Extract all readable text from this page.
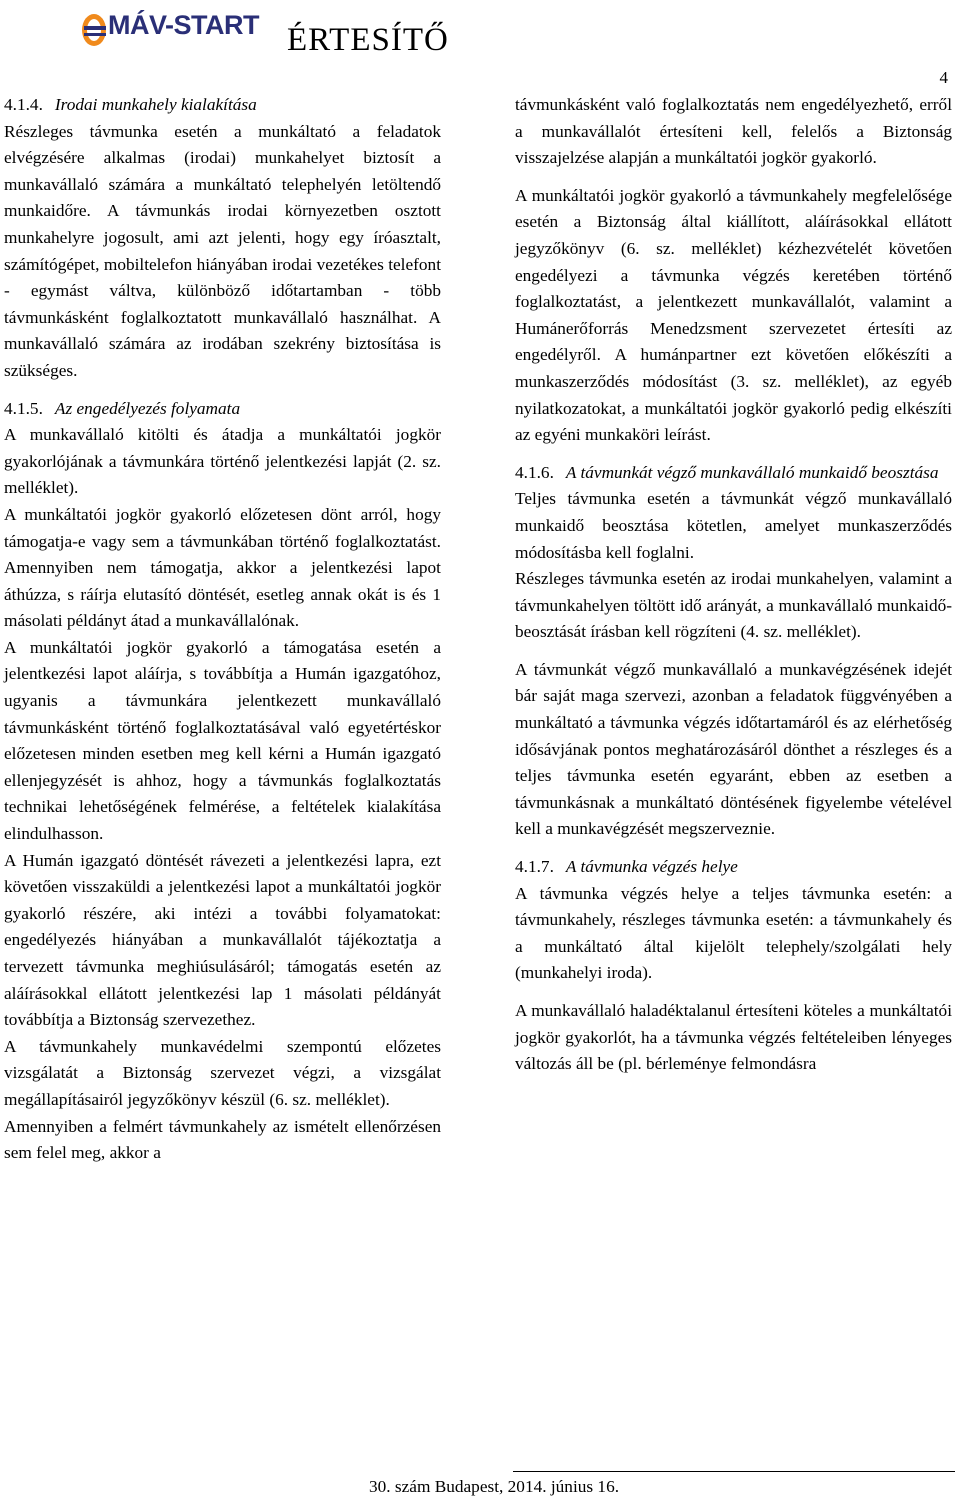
MÁV-START ÉRTESÍTŐ
4

4.1.4. Irodai munkahely kialakítása

Részleges távmunka esetén a munkáltató a feladatok elvégzésére alkalmas (irodai) munkahelyet biztosít a munkavállaló számára a munkáltató telephelyén letöltendő munkaidőre. A távmunkás irodai környezetben osztott munkahelyre jogosult, ami azt jelenti, hogy egy íróasztalt, számítógépet, mobiltelefon hiányában irodai vezetékes telefont - egymást váltva, különböző időtartamban - több távmunkásként foglalkoztatott munkavállaló használhat. A munkavállaló számára az irodában szekrény biztosítása is szükséges.

4.1.5. Az engedélyezés folyamata

A munkavállaló kitölti és átadja a munkáltatói jogkör gyakorlójának a távmunkára történő jelentkezési lapját (2. sz. melléklet).

A munkáltatói jogkör gyakorló előzetesen dönt arról, hogy támogatja-e vagy sem a távmunkában történő foglalkoztatást. Amennyiben nem támogatja, akkor a jelentkezési lapot áthúzza, s ráírja elutasító döntését, esetleg annak okát is és 1 másolati példányt átad a munkavállalónak.

A munkáltatói jogkör gyakorló a támogatása esetén a jelentkezési lapot aláírja, s továbbítja a Humán igazgatóhoz, ugyanis a távmunkára jelentkezett munkavállaló távmunkásként történő foglalkoztatásával való egyetértéskor előzetesen minden esetben meg kell kérni a Humán igazgató ellenjegyzését is ahhoz, hogy a távmunkás foglalkoztatás technikai lehetőségének felmérése, a feltételek kialakítása elindulhasson.

A Humán igazgató döntését rávezeti a jelentkezési lapra, ezt követően visszaküldi a jelentkezési lapot a munkáltatói jogkör gyakorló részére, aki intézi a további folyamatokat: engedélyezés hiányában a munkavállalót tájékoztatja a tervezett távmunka meghiúsulásáról; támogatás esetén az aláírásokkal ellátott jelentkezési lap 1 másolati példányát továbbítja a Biztonság szervezethez.

A távmunkahely munkavédelmi szempontú előzetes vizsgálatát a Biztonság szervezet végzi, a vizsgálat megállapításairól jegyzőkönyv készül (6. sz. melléklet).

Amennyiben a felmért távmunkahely az ismételt ellenőrzésen sem felel meg, akkor a

távmunkásként való foglalkoztatás nem engedélyezhető, erről a munkavállalót értesíteni kell, felelős a Biztonság visszajelzése alapján a munkáltatói jogkör gyakorló.

A munkáltatói jogkör gyakorló a távmunkahely megfelelősége esetén a Biztonság által kiállított, aláírásokkal ellátott jegyzőkönyv (6. sz. melléklet) kézhezvételét követően engedélyezi a távmunka végzés keretében történő foglalkoztatást, a jelentkezett munkavállalót, valamint a Humánerőforrás Menedzsment szervezetet értesíti az engedélyről. A humánpartner ezt követően előkészíti a munkaszerződés módosítást (3. sz. melléklet), az egyéb nyilatkozatokat, a munkáltatói jogkör gyakorló pedig elkészíti az egyéni munkaköri leírást.

4.1.6. A távmunkát végző munkavállaló munkaidő beosztása

Teljes távmunka esetén a távmunkát végző munkavállaló munkaidő beosztása kötetlen, amelyet munkaszerződés módosításba kell foglalni.

Részleges távmunka esetén az irodai munkahelyen, valamint a távmunkahelyen töltött idő arányát, a munkavállaló munkaidő-beosztását írásban kell rögzíteni (4. sz. melléklet).

A távmunkát végző munkavállaló a munkavégzésének idejét bár saját maga szervezi, azonban a feladatok függvényében a munkáltató a távmunka végzés időtartamáról és az elérhetőség idősávjának pontos meghatározásáról dönthet a részleges és a teljes távmunka esetén egyaránt, ebben az esetben a távmunkásnak a munkáltató döntésének figyelembe vételével kell a munkavégzését megszerveznie.

4.1.7. A távmunka végzés helye

A távmunka végzés helye a teljes távmunka esetén: a távmunkahely, részleges távmunka esetén: a távmunkahely és a munkáltató által kijelölt telephely/szolgálati hely (munkahelyi iroda).

A munkavállaló haladéktalanul értesíteni köteles a munkáltatói jogkör gyakorlót, ha a távmunka végzés feltételeiben lényeges változás áll be (pl. bérleménye felmondásra

30. szám Budapest, 2014. június 16.
